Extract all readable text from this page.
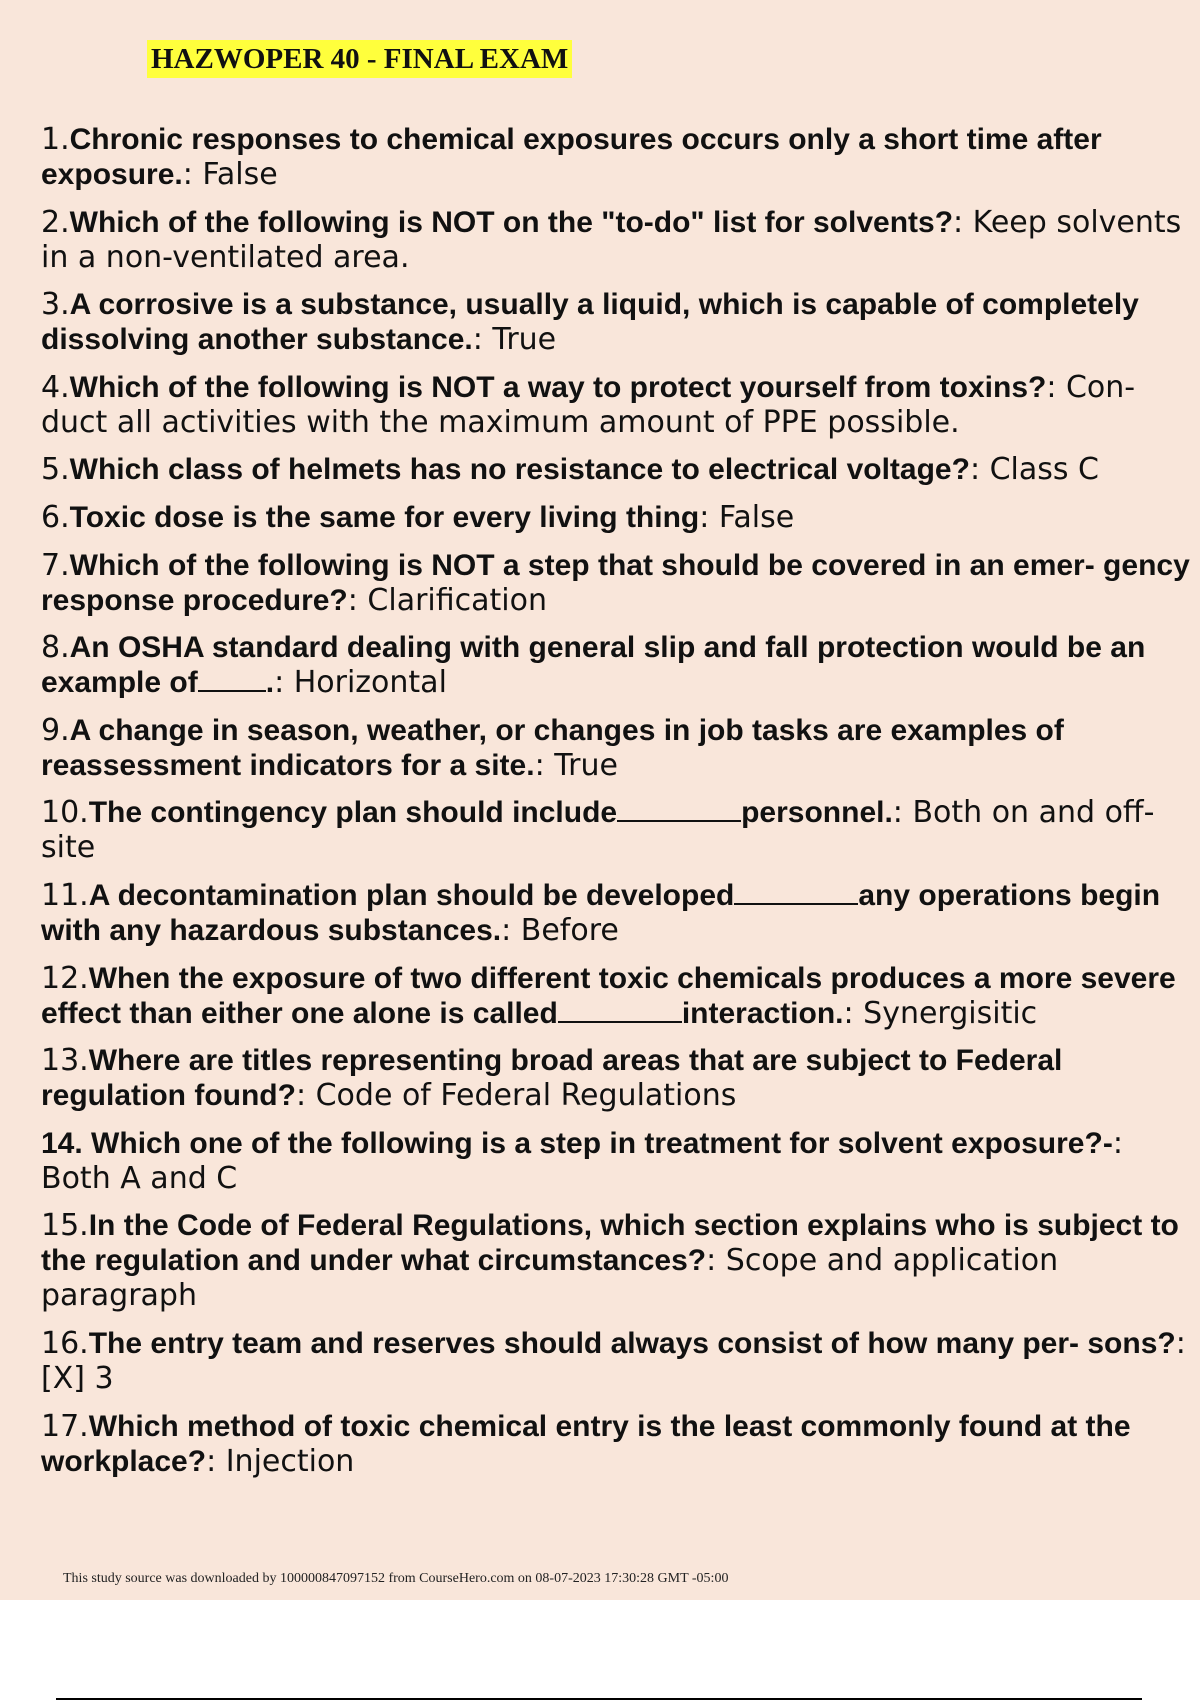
HAZWOPER 40 - FINAL EXAM
1.Chronic responses to chemical exposures occurs only a short time after exposure.: False
2.Which of the following is NOT on the "to-do" list for solvents?: Keep solvents in a non-ventilated area.
3.A corrosive is a substance, usually a liquid, which is capable of completely dissolving another substance.: True
4.Which of the following is NOT a way to protect yourself from toxins?: Con- duct all activities with the maximum amount of PPE possible.
5.Which class of helmets has no resistance to electrical voltage?: Class C
6.Toxic dose is the same for every living thing: False
7.Which of the following is NOT a step that should be covered in an emer- gency response procedure?: Clarification
8.An OSHA standard dealing with general slip and fall protection would be an example of .: Horizontal
9.A change in season, weather, or changes in job tasks are examples of reassessment indicators for a site.: True
10.The contingency plan should include	personnel.: Both on and off-site
11.A decontamination plan should be developed	any operations begin with any hazardous substances.: Before
12.When the exposure of two different toxic chemicals produces a more severe effect than either one alone is called	interaction.: Synergisitic
13.Where are titles representing broad areas that are subject to Federal regulation found?: Code of Federal Regulations
14. Which one of the following is a step in treatment for solvent exposure?-: Both A and C
15.In the Code of Federal Regulations, which section explains who is subject to the regulation and under what circumstances?: Scope and application paragraph
16.The entry team and reserves should always consist of how many per- sons?: [X] 3
17.Which method of toxic chemical entry is the least commonly found at the workplace?: Injection
This study source was downloaded by 100000847097152 from CourseHero.com on 08-07-2023 17:30:28 GMT -05:00
